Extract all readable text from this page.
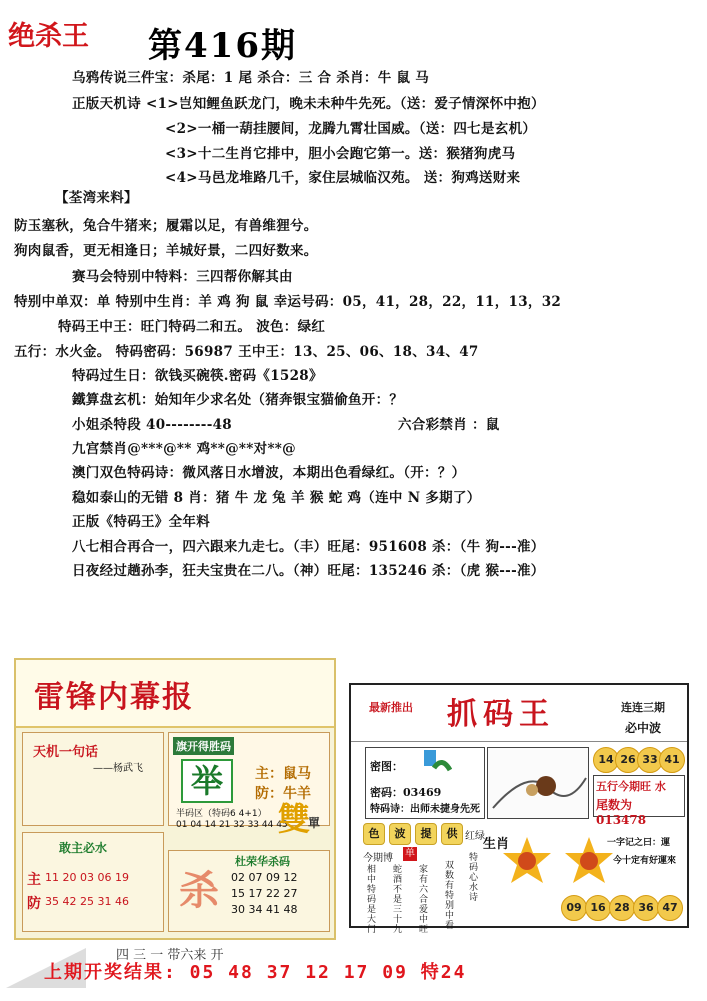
绝杀王 第416期
乌鸦传说三件宝：杀尾：1 尾 杀合：三 合 杀肖：牛 鼠 马
正版天机诗 <1>岂知鲤鱼跃龙门，晚未未种牛先死。（送：爱子情深怀中抱）
<2>一桶一葫挂腰间，龙腾九霄壮国威。（送：四七是玄机）
<3>十二生肖它排中，胆小会跑它第一。送：猴猪狗虎马
<4>马邑龙堆路几千，家住层城临汉苑。 送：狗鸡送财来
【荃湾来料】
防玉塞秋，兔合牛猪来；履霜以足，有兽维狸兮。
狗肉鼠香，更无相逢日；羊城好景，二四好数来。
赛马会特别中特料：三四帮你解其由
特别中单双：单 特别中生肖：羊 鸡 狗 鼠 幸运号码：05，41，28，22，11，13，32
特码王中王：旺门特码二和五。 波色：绿红
五行：水火金。 特码密码：56987 王中王：13、25、06、18、34、47
特码过生日：欲钱买碗筷.密码《1528》
鐵算盘玄机：始知年少求名处（猪奔银宝猫偷鱼开：？
小姐杀特段 40--------48	六合彩禁肖 ：鼠
九宫禁肖@***@** 鸡**@**对**@
澳门双色特码诗：微风落日水增波，本期出色看绿红。（开：？）
稳如泰山的无错 8 肖：猪 牛 龙 兔 羊 猴 蛇 鸡（连中 N 多期了）
正版《特码王》全年料
八七相合再合一，四六跟来九走七。（丰）旺尾：951608 杀：（牛 狗---准）
日夜经过趟孙李，狂夫宝贵在二八。（神）旺尾：135246 杀：（虎 猴---准）
雷锋内幕报
天机一句话
——杨武飞
旗开得胜码
举	主：鼠马
防：牛羊
半码区（特码6 4+1）
01 04 14 21 32 33 44 45
雙
單
敢主必水
主 11 20 03 06 19
防 35 42 25 31 46 杀
杜荣华杀码
02 07 09 12
15 17 22 27
30 34 41 48
最新推出 抓码王	连连三期
必中波
14 26 33 41
密图：
密码：03469
特码诗：出师未捷身先死
五行今期旺 水
尾数为 013478
色	波	提	供 红绿
今期博 单
相中特码是大门
蛇酒不是三十九
家有六合爱中旺
双数有特别中看
生肖
特码心水诗
一字记之曰：運
今十定有好運來
09 16 28 36 47
四 三 一 带六来 开
上期开奖结果: 05 48 37 12 17 09 特24
